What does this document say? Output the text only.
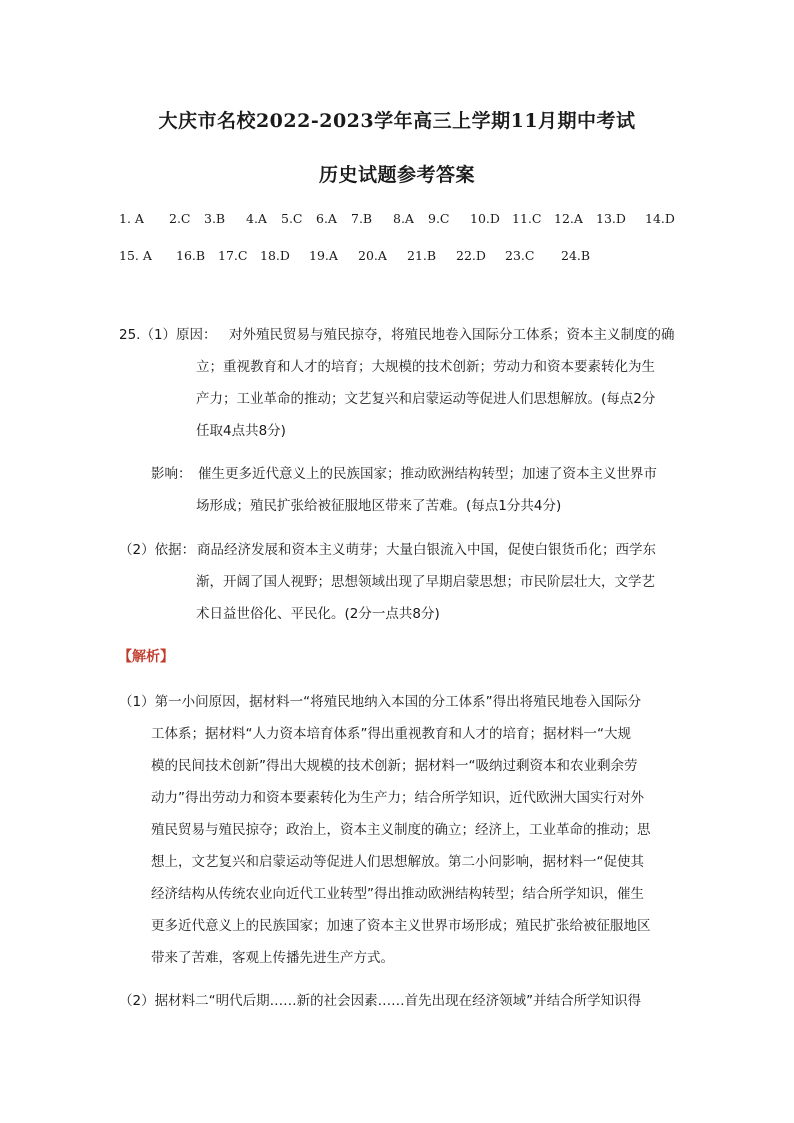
大庆市名校2022-2023学年高三上学期11月期中考试
历史试题参考答案
1. A 2.C 3.B 4.A 5.C 6.A 7.B 8.A 9.C 10.D 11.C 12.A 13.D 14.D
15. A 16.B 17.C 18.D 19.A 20.A 21.B 22.D 23.C 24.B
25.（1）原因： 对外殖民贸易与殖民掠夺，将殖民地卷入国际分工体系；资本主义制度的确
立；重视教育和人才的培育；大规模的技术创新；劳动力和资本要素转化为生
产力；工业革命的推动；文艺复兴和启蒙运动等促进人们思想解放。(每点2分
任取4点共8分)
影响： 催生更多近代意义上的民族国家；推动欧洲结构转型；加速了资本主义世界市
场形成；殖民扩张给被征服地区带来了苦难。(每点1分共4分)
（2）依据： 商品经济发展和资本主义萌芽；大量白银流入中国，促使白银货币化；西学东
渐，开阔了国人视野；思想领域出现了早期启蒙思想；市民阶层壮大，文学艺
术日益世俗化、平民化。(2分一点共8分)
【解析】
（1）第一小问原因，据材料一“将殖民地纳入本国的分工体系”得出将殖民地卷入国际分
工体系；据材料“人力资本培育体系”得出重视教育和人才的培育；据材料一“大规
模的民间技术创新”得出大规模的技术创新；据材料一“吸纳过剩资本和农业剩余劳
动力”得出劳动力和资本要素转化为生产力；结合所学知识，近代欧洲大国实行对外
殖民贸易与殖民掠夺；政治上，资本主义制度的确立；经济上，工业革命的推动；思
想上，文艺复兴和启蒙运动等促进人们思想解放。第二小问影响，据材料一“促使其
经济结构从传统农业向近代工业转型”得出推动欧洲结构转型；结合所学知识，催生
更多近代意义上的民族国家；加速了资本主义世界市场形成；殖民扩张给被征服地区
带来了苦难，客观上传播先进生产方式。
（2）据材料二“明代后期……新的社会因素……首先出现在经济领域”并结合所学知识得
